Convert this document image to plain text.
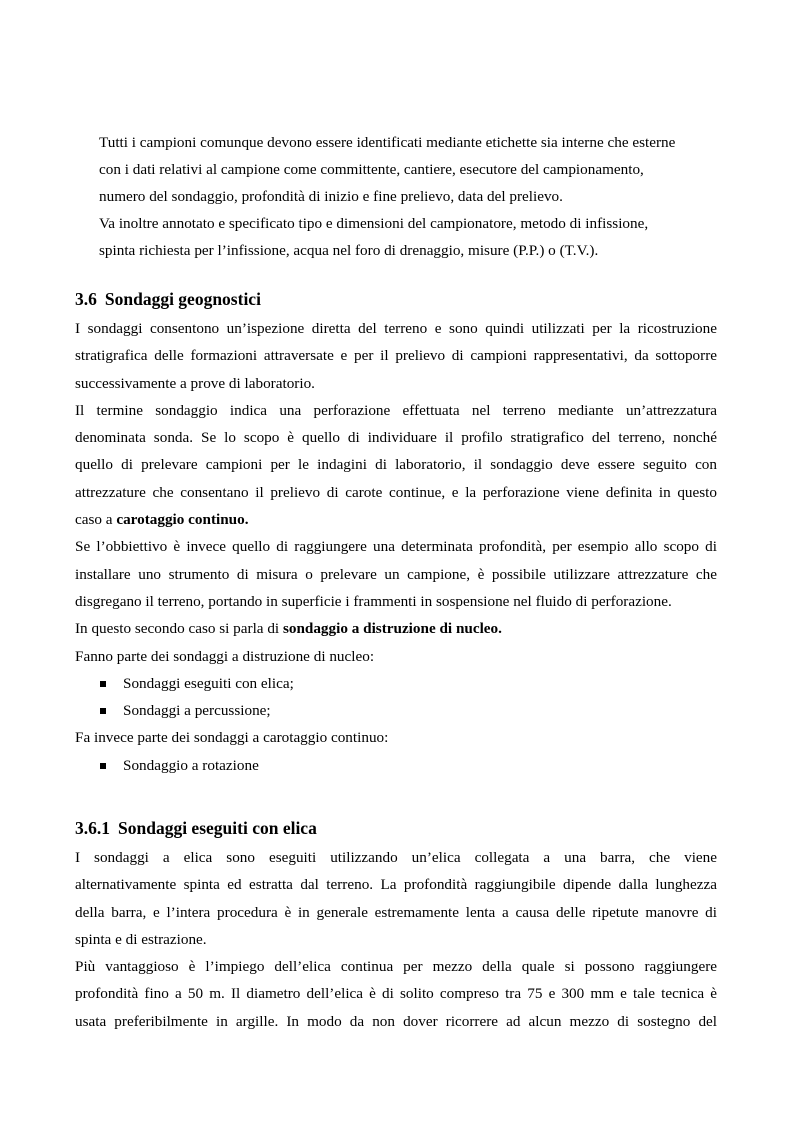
Tutti i campioni comunque devono essere identificati mediante etichette sia interne che esterne

con i dati relativi al campione come committente, cantiere, esecutore del campionamento,

numero del sondaggio, profondità di inizio e fine prelievo, data del prelievo.

Va inoltre annotato e specificato tipo e dimensioni del campionatore, metodo di infissione,

spinta richiesta per l’infissione, acqua nel foro di drenaggio, misure (P.P.) o (T.V.).

3.6 Sondaggi geognostici

I sondaggi consentono un’ispezione diretta del terreno e sono quindi utilizzati per la ricostruzione
stratigrafica delle formazioni attraversate e per il prelievo di campioni rappresentativi, da sottoporre
successivamente a prove di laboratorio.

Il termine sondaggio indica una perforazione effettuata nel terreno mediante un’attrezzatura
denominata sonda. Se lo scopo è quello di individuare il profilo stratigrafico del terreno, nonché
quello di prelevare campioni per le indagini di laboratorio, il sondaggio deve essere seguito con
attrezzature che consentano il prelievo di carote continue, e la perforazione viene definita in questo
caso a carotaggio continuo.

Se l’obbiettivo è invece quello di raggiungere una determinata profondità, per esempio allo scopo di
installare uno strumento di misura o prelevare un campione, è possibile utilizzare attrezzature che
disgregano il terreno, portando in superficie i frammenti in sospensione nel fluido di perforazione.

In questo secondo caso si parla di sondaggio a distruzione di nucleo.

Fanno parte dei sondaggi a distruzione di nucleo:

Sondaggi eseguiti con elica;
Sondaggi a percussione;

Fa invece parte dei sondaggi a carotaggio continuo:

Sondaggio a rotazione
3.6.1 Sondaggi eseguiti con elica

I sondaggi a elica sono eseguiti utilizzando un’elica collegata a una barra, che viene
alternativamente spinta ed estratta dal terreno. La profondità raggiungibile dipende dalla lunghezza
della barra, e l’intera procedura è in generale estremamente lenta a causa delle ripetute manovre di
spinta e di estrazione.

Più vantaggioso è l’impiego dell’elica continua per mezzo della quale si possono raggiungere
profondità fino a 50 m. Il diametro dell’elica è di solito compreso tra 75 e 300 mm e tale tecnica è
usata preferibilmente in argille. In modo da non dover ricorrere ad alcun mezzo di sostegno del
